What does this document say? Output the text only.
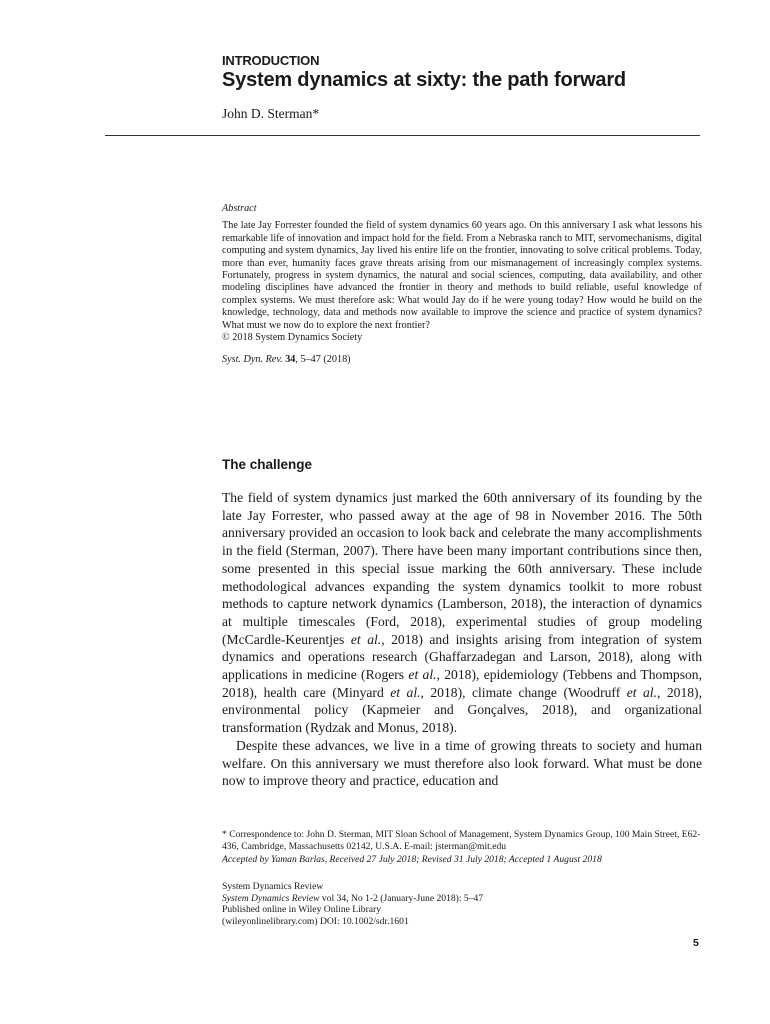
INTRODUCTION
System dynamics at sixty: the path forward
John D. Sterman*
Abstract
The late Jay Forrester founded the field of system dynamics 60 years ago. On this anniversary I ask what lessons his remarkable life of innovation and impact hold for the field. From a Nebraska ranch to MIT, servomechanisms, digital computing and system dynamics, Jay lived his entire life on the frontier, innovating to solve critical problems. Today, more than ever, humanity faces grave threats arising from our mismanagement of increasingly complex systems. Fortunately, progress in system dynamics, the natural and social sciences, computing, data availability, and other modeling disciplines have advanced the frontier in theory and methods to build reliable, useful knowledge of complex systems. We must therefore ask: What would Jay do if he were young today? How would he build on the knowledge, technology, data and methods now available to improve the science and practice of system dynamics? What must we now do to explore the next frontier?
© 2018 System Dynamics Society
Syst. Dyn. Rev. 34, 5–47 (2018)
The challenge

The field of system dynamics just marked the 60th anniversary of its founding by the late Jay Forrester, who passed away at the age of 98 in November 2016. The 50th anniversary provided an occasion to look back and celebrate the many accomplishments in the field (Sterman, 2007). There have been many important contributions since then, some presented in this special issue marking the 60th anniversary. These include methodological advances expanding the system dynamics toolkit to more robust methods to capture network dynamics (Lamberson, 2018), the interaction of dynamics at multiple timescales (Ford, 2018), experimental studies of group modeling (McCardle-Keurentjes et al., 2018) and insights arising from integration of system dynamics and operations research (Ghaffarzadegan and Larson, 2018), along with applications in medicine (Rogers et al., 2018), epidemiology (Tebbens and Thompson, 2018), health care (Minyard et al., 2018), climate change (Woodruff et al., 2018), environmental policy (Kapmeier and Gonçalves, 2018), and organizational transformation (Rydzak and Monus, 2018).

Despite these advances, we live in a time of growing threats to society and human welfare. On this anniversary we must therefore also look forward. What must be done now to improve theory and practice, education and

* Correspondence to: John D. Sterman, MIT Sloan School of Management, System Dynamics Group, 100 Main Street, E62-436, Cambridge, Massachusetts 02142, U.S.A. E-mail: jsterman@mit.edu
Accepted by Yaman Barlas, Received 27 July 2018; Revised 31 July 2018; Accepted 1 August 2018
System Dynamics Review
System Dynamics Review vol 34, No 1-2 (January-June 2018): 5–47
Published online in Wiley Online Library
(wileyonlinelibrary.com) DOI: 10.1002/sdr.1601
5
